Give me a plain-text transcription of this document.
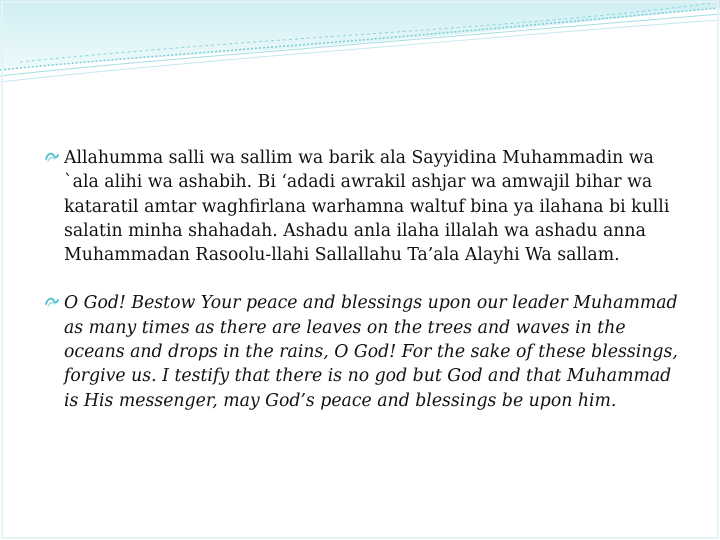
Allahumma salli wa sallim wa barik ala Sayyidina Muhammadin wa `ala alihi wa ashabih. Bi ‘adadi awrakil ashjar wa amwajil bihar wa kataratil amtar waghfirlana warhamna waltuf bina ya ilahana bi kulli salatin minha shahadah. Ashadu anla ilaha illalah wa ashadu anna Muhammadan Rasoolu-llahi Sallallahu Ta’ala Alayhi Wa sallam.

O God! Bestow Your peace and blessings upon our leader Muhammad as many times as there are leaves on the trees and waves in the oceans and drops in the rains, O God! For the sake of these blessings, forgive us. I testify that there is no god but God and that Muhammad is His messenger, may God’s peace and blessings be upon him.
